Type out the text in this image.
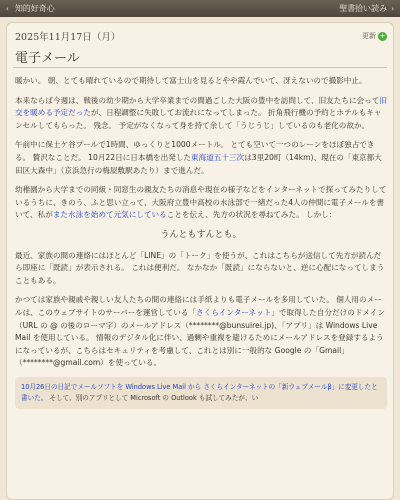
‹ 知的好奇心	聖書拾い読み ›
2025年11月17日（月）	更新 +
電子メール

暖かい。 朝、とても晴れているので期待して富士山を見るとやや霞んでいて、冴えないので撮影中止。

本来ならば今週は、戦後の幼少期から大学卒業までの間過ごした大阪の豊中を訪問して、旧友たちに会って旧交を暖める予定だったが、日程調整に失敗してお流れになってしまった。 折角飛行機の予約とホテルもキャンセルしてもらった。 残念。 予定がなくなって身を持て余して「うじうじ」しているのも老化の故か。

午前中に保土ケ谷プールで1時間、ゆっくりと1000メートル。 とても空いて一つのレーンをほぼ独占できる。 贅沢なことだ。 10月22日に日本橋を出発した東海道五十三次は3里20町（14km)、現在の「東京都大田区大森中」（京浜急行の梅屋敷駅あたり）まで進んだ。

幼稚園から大学までの同級・同窓生の親友たちの消息や現在の様子などをインターネットで探ってみたりしているうちに、きのう、ふと思い立って、大阪府立豊中高校の水泳部で一緒だった4人の仲間に電子メールを書いて、私がまた水泳を始めて元気にしていることを伝え、先方の状況を尋ねてみた。 しかし：

うんともすんとも。

最近、家族の間の連絡にはほとんど「LINE」の「トーク」を使うが、これはこちらが送信して先方が読んだら即座に「既読」が表示される。 これは便利だ。 なかなか「既読」にならないと、逆に心配になってしまうこともある。

かつては家族や親戚や親しい友人たちの間の連絡には手紙よりも電子メールを多用していた。 個人用のメールは、このウェブサイトのサーバーを運営している「さくらインターネット」で取得した自分だけのドメイン（URL の @ の後のローマ字）のメールアドレス（********@bunsuirei.jp)、「アプリ」は Windows Live Mail を使用している。 情報のデジタル化に伴い、過剰や重複を避けるためにメールアドレスを登録するようになっているが、こちらはセキュリティを考慮して、これとは別に一般的な Google の「Gmail」（********@gmail.com）を使っている。

10月26日の日記でメールソフトを Windows Live Mail から さくらインターネットの「新ウェブメールβ」に変更したと書いた。 そして、別のアプリとして Microsoft の Outlook も試してみたが、い
